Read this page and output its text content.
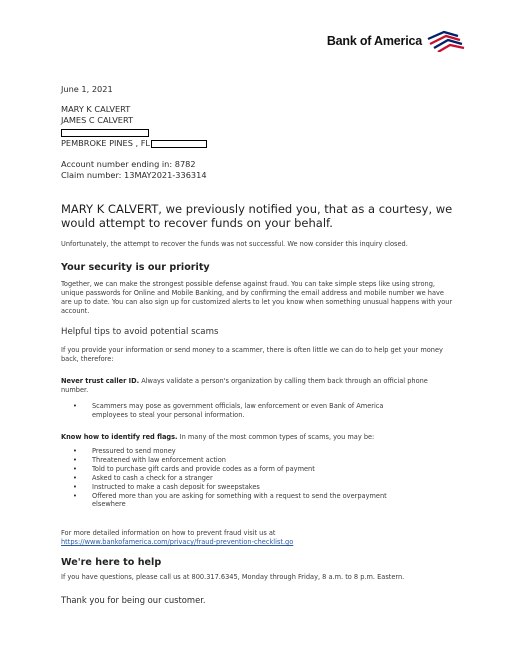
Bank of America
June 1, 2021
MARY K CALVERT
JAMES C CALVERT
PEMBROKE PINES , FL
Account number ending in: 8782
Claim number: 13MAY2021-336314
MARY K CALVERT, we previously notified you, that as a courtesy, we would attempt to recover funds on your behalf.
Unfortunately, the attempt to recover the funds was not successful. We now consider this inquiry closed.
Your security is our priority
Together, we can make the strongest possible defense against fraud. You can take simple steps like using strong, unique passwords for Online and Mobile Banking, and by confirming the email address and mobile number we have are up to date. You can also sign up for customized alerts to let you know when something unusual happens with your account.
Helpful tips to avoid potential scams
If you provide your information or send money to a scammer, there is often little we can do to help get your money back, therefore:
Never trust caller ID. Always validate a person's organization by calling them back through an official phone number.
• Scammers may pose as government officials, law enforcement or even Bank of America employees to steal your personal information.
Know how to identify red flags. In many of the most common types of scams, you may be:
• Pressured to send money
• Threatened with law enforcement action
• Told to purchase gift cards and provide codes as a form of payment
• Asked to cash a check for a stranger
• Instructed to make a cash deposit for sweepstakes
• Offered more than you are asking for something with a request to send the overpayment elsewhere
For more detailed information on how to prevent fraud visit us at
https://www.bankofamerica.com/privacy/fraud-prevention-checklist.go
We're here to help
If you have questions, please call us at 800.317.6345, Monday through Friday, 8 a.m. to 8 p.m. Eastern.
Thank you for being our customer.
